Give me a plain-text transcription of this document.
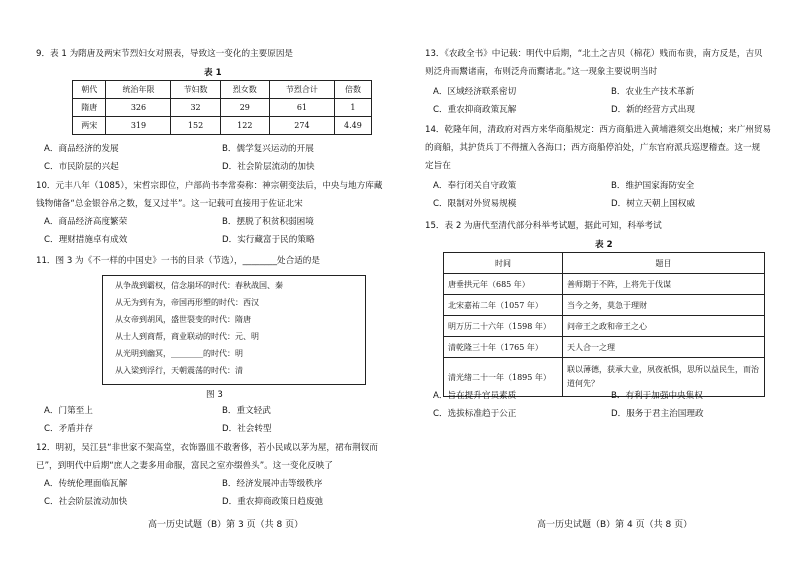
9．表 1 为隋唐及两宋节烈妇女对照表，导致这一变化的主要原因是
表 1
朝代	统治年限	节妇数	烈女数	节烈合计	倍数
隋唐	326	32	29	61	1
两宋	319	152	122	274	4.49
A．商品经济的发展	B．儒学复兴运动的开展
C．市民阶层的兴起	D．社会阶层流动的加快
10．元丰八年（1085），宋哲宗即位，户部尚书李常奏称：神宗朝变法后，中央与地方库藏
钱物储备“总金银谷帛之数，复又过半”。这一记载可直接用于佐证北宋
A．商品经济高度繁荣	B．摆脱了积贫积弱困境
C．理财措施卓有成效	D．实行藏富于民的策略
11．图 3 为《不一样的中国史》一书的目录（节选），________处合适的是
从争战到霸权，信念崩坏的时代：春秋战国、秦
从无为到有为，帝国再形塑的时代：西汉
从女帝到胡风，盛世裂变的时代：隋唐
从士人到商帮，商业联动的时代：元、明
从光明到幽冥，________的时代：明
从入梁到浮行，天朝震荡的时代：清
图 3
A．门第至上	B．重文轻武
C．矛盾并存	D．社会转型
12．明初，吴江县“非世家不架高堂，衣饰器皿不敢奢侈，若小民咸以茅为屋，裙布荆钗而
已”，到明代中后期“庶人之妻多用命服，富民之室亦缀兽头”。这一变化反映了
A．传统伦理面临瓦解	B．经济发展冲击等级秩序
C．社会阶层流动加快	D．重农抑商政策日趋废弛
高一历史试题（B）第 3 页（共 8 页）
13．《农政全书》中记载：明代中后期，“北土之吉贝（棉花）贱而布贵，南方反是，吉贝
则泛舟而鬻诸南，布则泛舟而鬻诸北。”这一现象主要说明当时
A．区域经济联系密切	B．农业生产技术革新
C．重农抑商政策瓦解	D．新的经营方式出现
14．乾隆年间，清政府对西方来华商船规定：西方商船进入黄埔港须交出炮械；来广州贸易
的商船，其护货兵丁不得擅入各海口；西方商船停泊处，广东官府派兵巡逻稽查。这一规
定旨在
A．奉行闭关自守政策	B．维护国家海防安全
C．限制对外贸易规模	D．树立天朝上国权威
15．表 2 为唐代至清代部分科举考试题，据此可知，科举考试
表 2
时间	题目
唐垂拱元年（685 年）	善师期于不阵，上将先于伐谋
北宋嘉祐二年（1057 年）	当今之务，莫急于理财
明万历二十六年（1598 年）	问帝王之政和帝王之心
清乾隆三十年（1765 年）	天人合一之理
清光绪二十一年（1895 年）	联以薄德，获承大业，夙夜祇惧，思所以益民生，而治道何先？
A．旨在提升官员素质	B．有利于加强中央集权
C．选拔标准趋于公正	D．服务于君主治国理政
高一历史试题（B）第 4 页（共 8 页）
